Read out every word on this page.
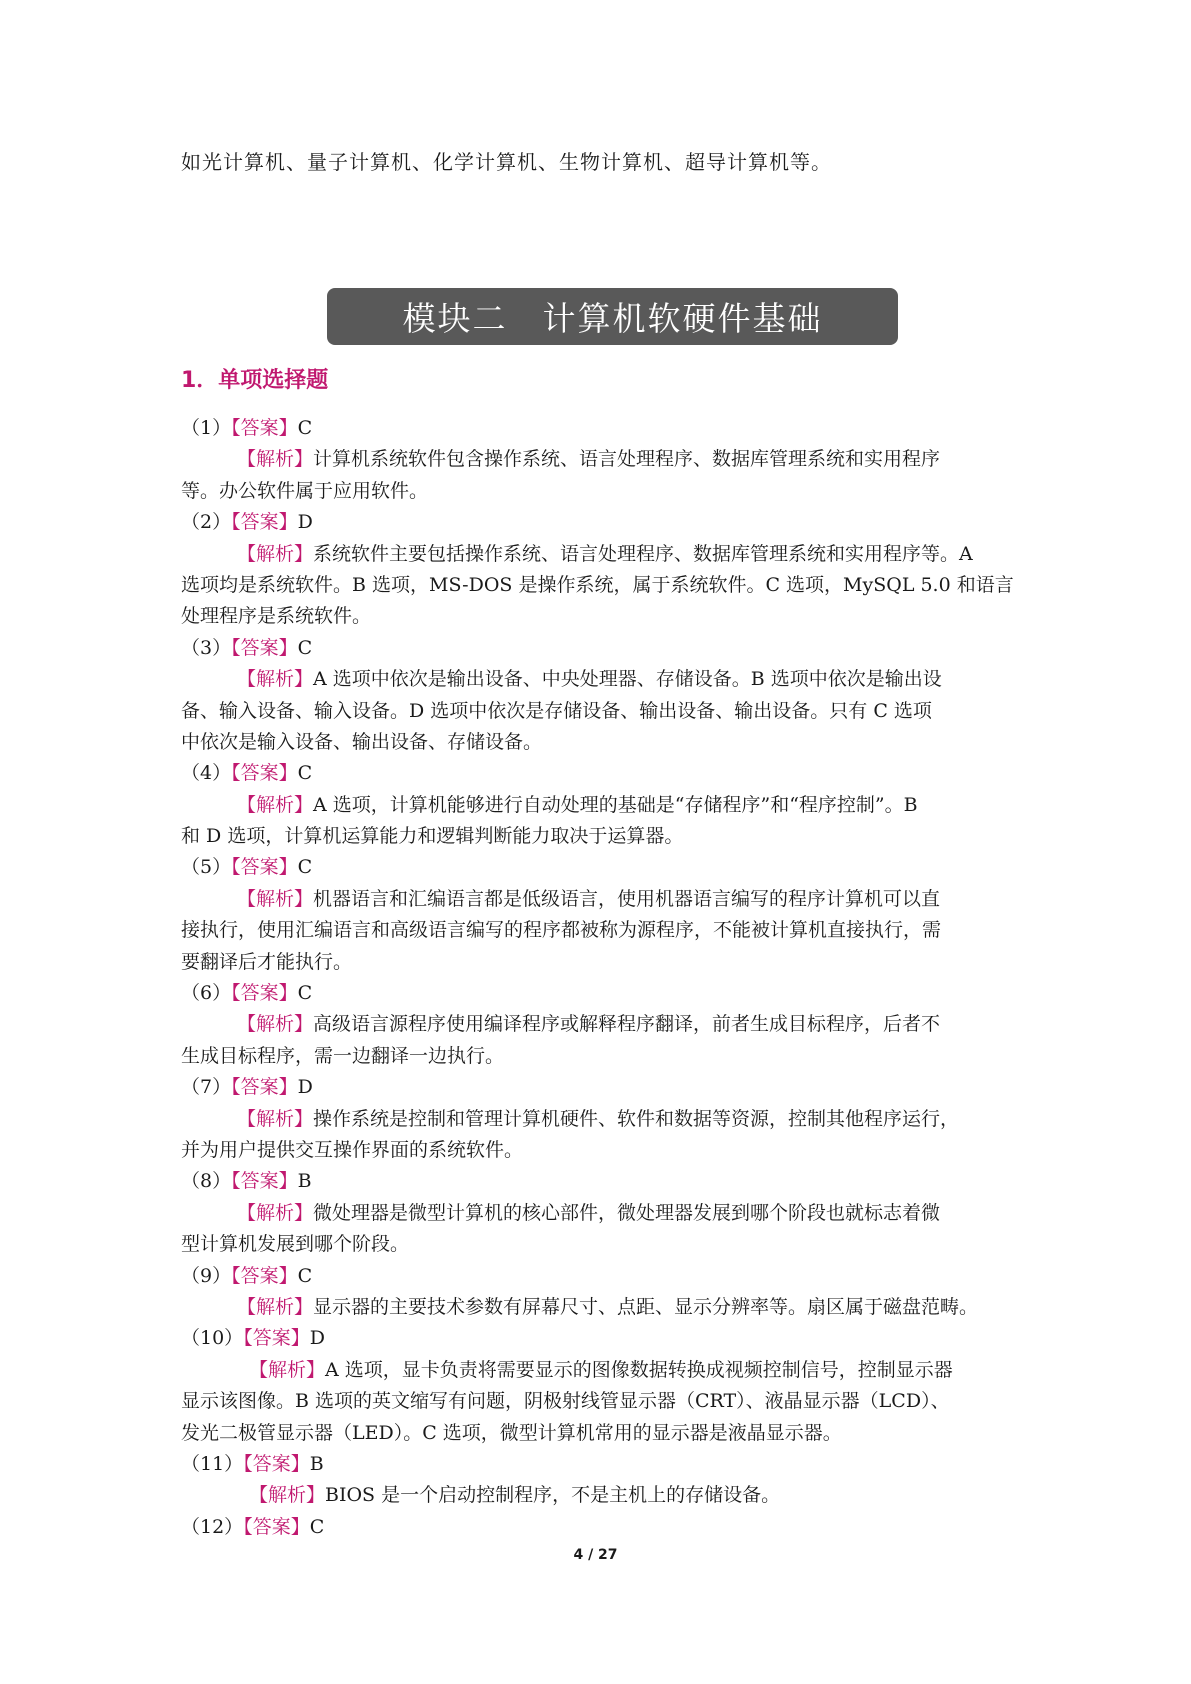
如光计算机、量子计算机、化学计算机、生物计算机、超导计算机等。
模块二　计算机软硬件基础
1．单项选择题
（1）【答案】C
【解析】计算机系统软件包含操作系统、语言处理程序、数据库管理系统和实用程序
等。办公软件属于应用软件。
（2）【答案】D
【解析】系统软件主要包括操作系统、语言处理程序、数据库管理系统和实用程序等。A
选项均是系统软件。B 选项，MS-DOS 是操作系统，属于系统软件。C 选项，MySQL 5.0 和语言
处理程序是系统软件。
（3）【答案】C
【解析】A 选项中依次是输出设备、中央处理器、存储设备。B 选项中依次是输出设
备、输入设备、输入设备。D 选项中依次是存储设备、输出设备、输出设备。只有 C 选项
中依次是输入设备、输出设备、存储设备。
（4）【答案】C
【解析】A 选项，计算机能够进行自动处理的基础是“存储程序”和“程序控制”。B
和 D 选项，计算机运算能力和逻辑判断能力取决于运算器。
（5）【答案】C
【解析】机器语言和汇编语言都是低级语言，使用机器语言编写的程序计算机可以直
接执行，使用汇编语言和高级语言编写的程序都被称为源程序，不能被计算机直接执行，需
要翻译后才能执行。
（6）【答案】C
【解析】高级语言源程序使用编译程序或解释程序翻译，前者生成目标程序，后者不
生成目标程序，需一边翻译一边执行。
（7）【答案】D
【解析】操作系统是控制和管理计算机硬件、软件和数据等资源，控制其他程序运行，
并为用户提供交互操作界面的系统软件。
（8）【答案】B
【解析】微处理器是微型计算机的核心部件，微处理器发展到哪个阶段也就标志着微
型计算机发展到哪个阶段。
（9）【答案】C
【解析】显示器的主要技术参数有屏幕尺寸、点距、显示分辨率等。扇区属于磁盘范畴。
（10）【答案】D
【解析】A 选项，显卡负责将需要显示的图像数据转换成视频控制信号，控制显示器
显示该图像。B 选项的英文缩写有问题，阴极射线管显示器（CRT）、液晶显示器（LCD）、
发光二极管显示器（LED）。C 选项，微型计算机常用的显示器是液晶显示器。
（11）【答案】B
【解析】BIOS 是一个启动控制程序，不是主机上的存储设备。
（12）【答案】C
4 / 27
